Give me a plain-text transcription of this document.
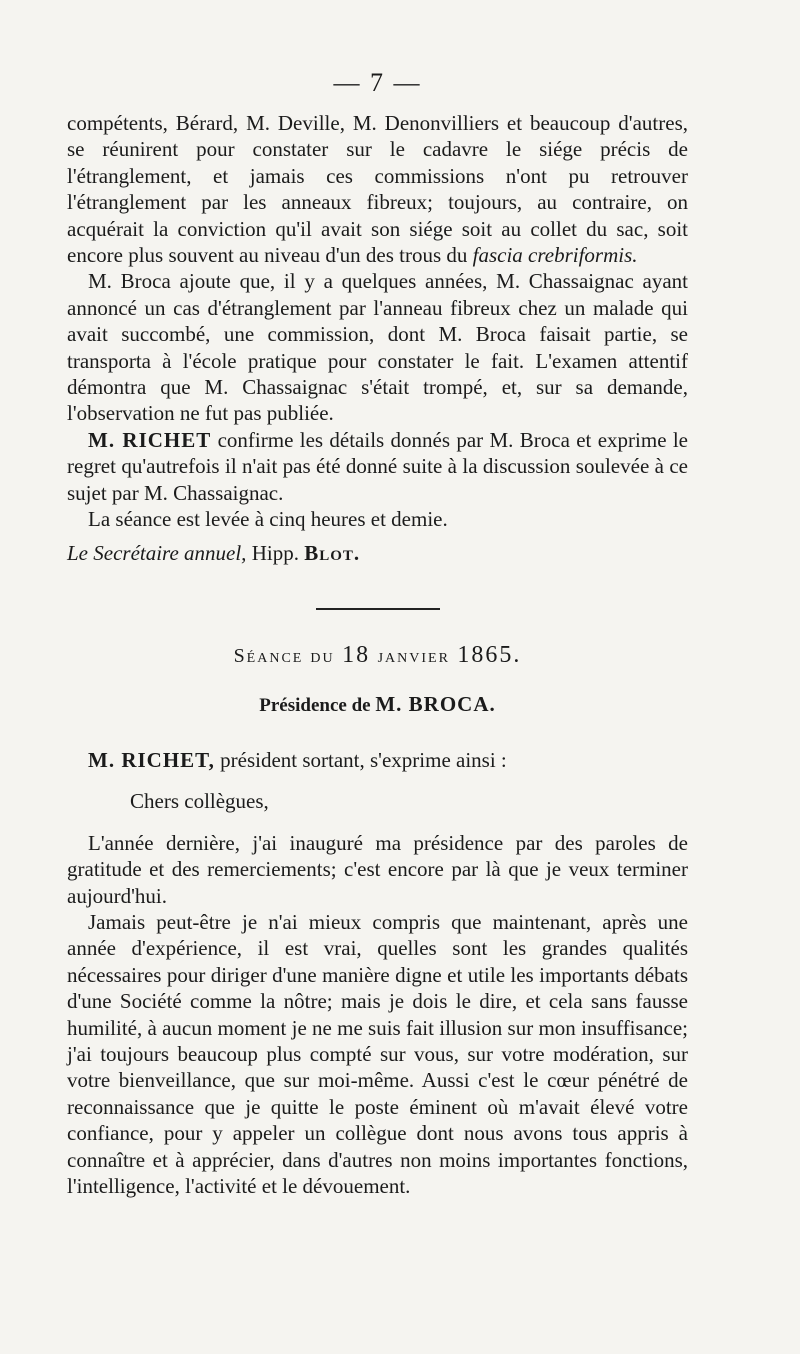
— 7 —

compétents, Bérard, M. Deville, M. Denonvilliers et beaucoup d'autres, se réunirent pour constater sur le cadavre le siége précis de l'étranglement, et jamais ces commissions n'ont pu retrouver l'étranglement par les anneaux fibreux; toujours, au contraire, on acquérait la conviction qu'il avait son siége soit au collet du sac, soit encore plus souvent au niveau d'un des trous du fascia crebriformis.

M. Broca ajoute que, il y a quelques années, M. Chassaignac ayant annoncé un cas d'étranglement par l'anneau fibreux chez un malade qui avait succombé, une commission, dont M. Broca faisait partie, se transporta à l'école pratique pour constater le fait. L'examen attentif démontra que M. Chassaignac s'était trompé, et, sur sa demande, l'observation ne fut pas publiée.

M. RICHET confirme les détails donnés par M. Broca et exprime le regret qu'autrefois il n'ait pas été donné suite à la discussion soulevée à ce sujet par M. Chassaignac.

La séance est levée à cinq heures et demie.

Le Secrétaire annuel, Hipp. Blot.

Séance du 18 janvier 1865.
Présidence de M. BROCA.

M. RICHET, président sortant, s'exprime ainsi :

Chers collègues,

L'année dernière, j'ai inauguré ma présidence par des paroles de gratitude et des remerciements; c'est encore par là que je veux terminer aujourd'hui.

Jamais peut-être je n'ai mieux compris que maintenant, après une année d'expérience, il est vrai, quelles sont les grandes qualités nécessaires pour diriger d'une manière digne et utile les importants débats d'une Société comme la nôtre; mais je dois le dire, et cela sans fausse humilité, à aucun moment je ne me suis fait illusion sur mon insuffisance; j'ai toujours beaucoup plus compté sur vous, sur votre modération, sur votre bienveillance, que sur moi-même. Aussi c'est le cœur pénétré de reconnaissance que je quitte le poste éminent où m'avait élevé votre confiance, pour y appeler un collègue dont nous avons tous appris à connaître et à apprécier, dans d'autres non moins importantes fonctions, l'intelligence, l'activité et le dévouement.
